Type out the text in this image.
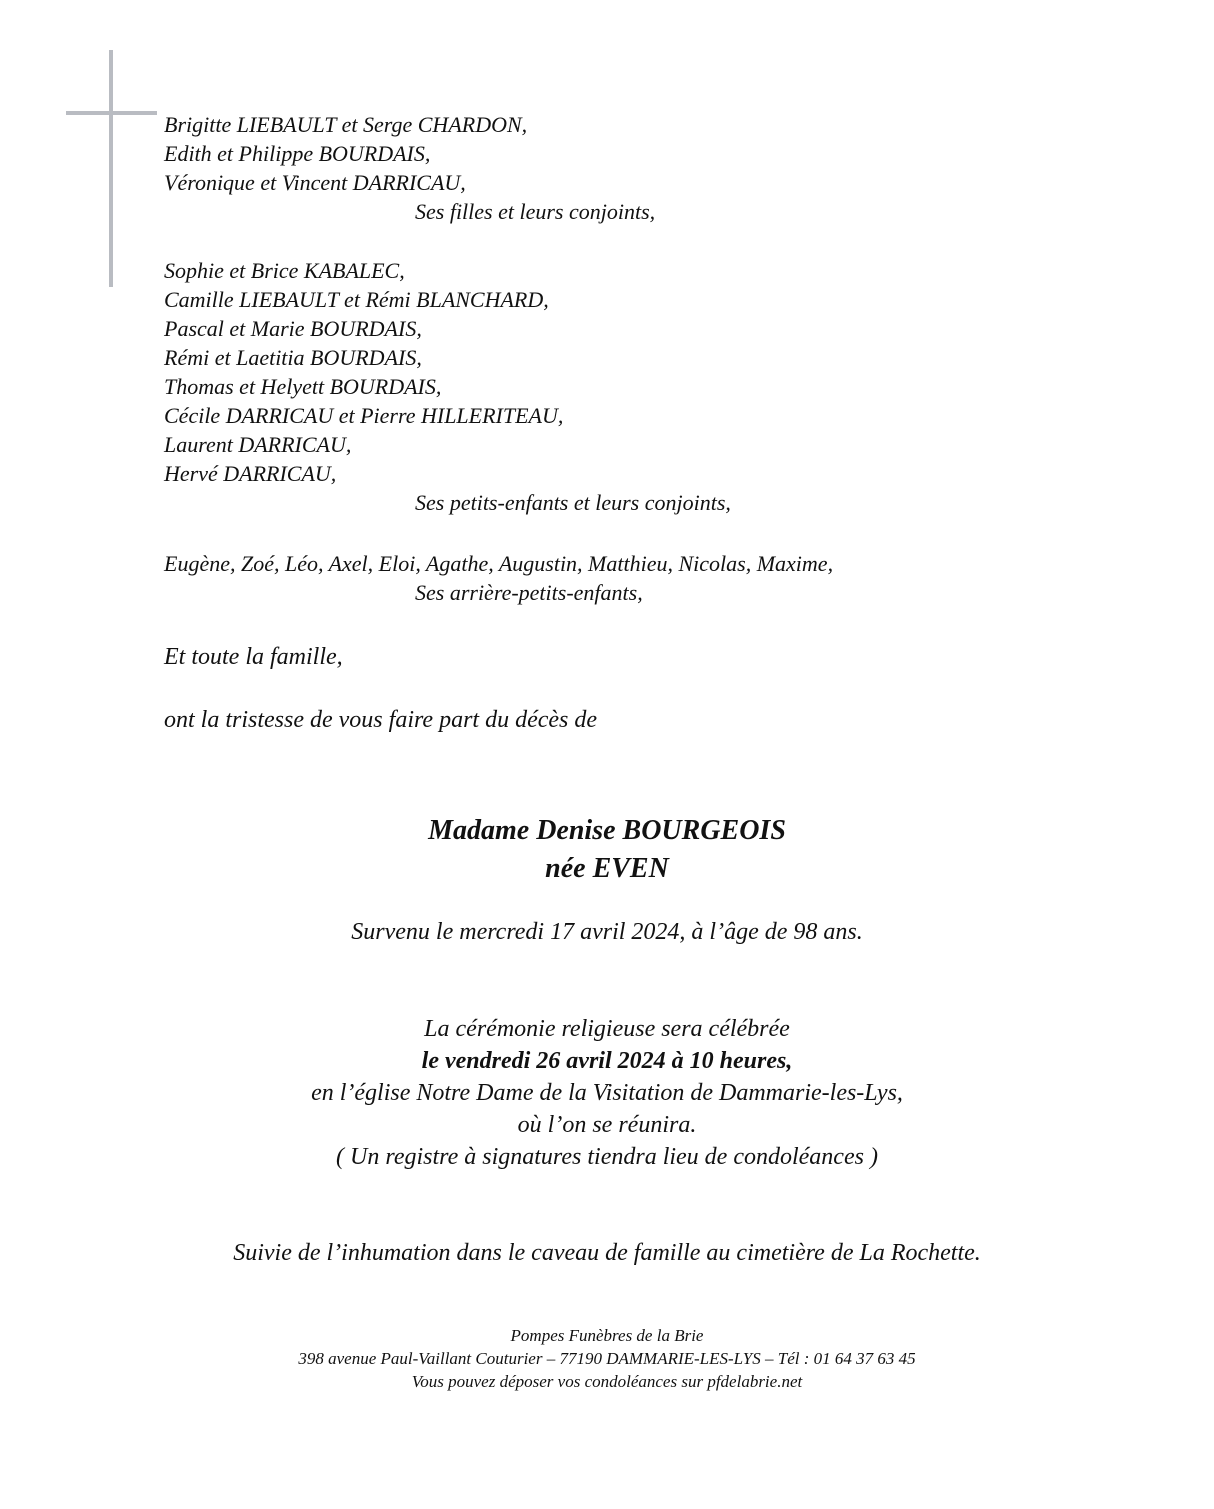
Brigitte LIEBAULT et Serge CHARDON,
Edith et Philippe BOURDAIS,
Véronique et Vincent DARRICAU,
Ses filles et leurs conjoints,
Sophie et Brice KABALEC,
Camille LIEBAULT et Rémi BLANCHARD,
Pascal et Marie BOURDAIS,
Rémi et Laetitia BOURDAIS,
Thomas et Helyett BOURDAIS,
Cécile DARRICAU et Pierre HILLERITEAU,
Laurent DARRICAU,
Hervé DARRICAU,
Ses petits-enfants et leurs conjoints,
Eugène, Zoé, Léo, Axel, Eloi, Agathe, Augustin, Matthieu, Nicolas, Maxime,
Ses arrière-petits-enfants,
Et toute la famille,
ont la tristesse de vous faire part du décès de
Madame Denise BOURGEOIS
née EVEN
Survenu le mercredi 17 avril 2024, à l’âge de 98 ans.
La cérémonie religieuse sera célébrée
le vendredi 26 avril 2024 à 10 heures,
en l’église Notre Dame de la Visitation de Dammarie-les-Lys,
où l’on se réunira.
( Un registre à signatures tiendra lieu de condoléances )
Suivie de l’inhumation dans le caveau de famille au cimetière de La Rochette.
Pompes Funèbres de la Brie
398 avenue Paul-Vaillant Couturier – 77190 DAMMARIE-LES-LYS – Tél : 01 64 37 63 45
Vous pouvez déposer vos condoléances sur pfdelabrie.net
